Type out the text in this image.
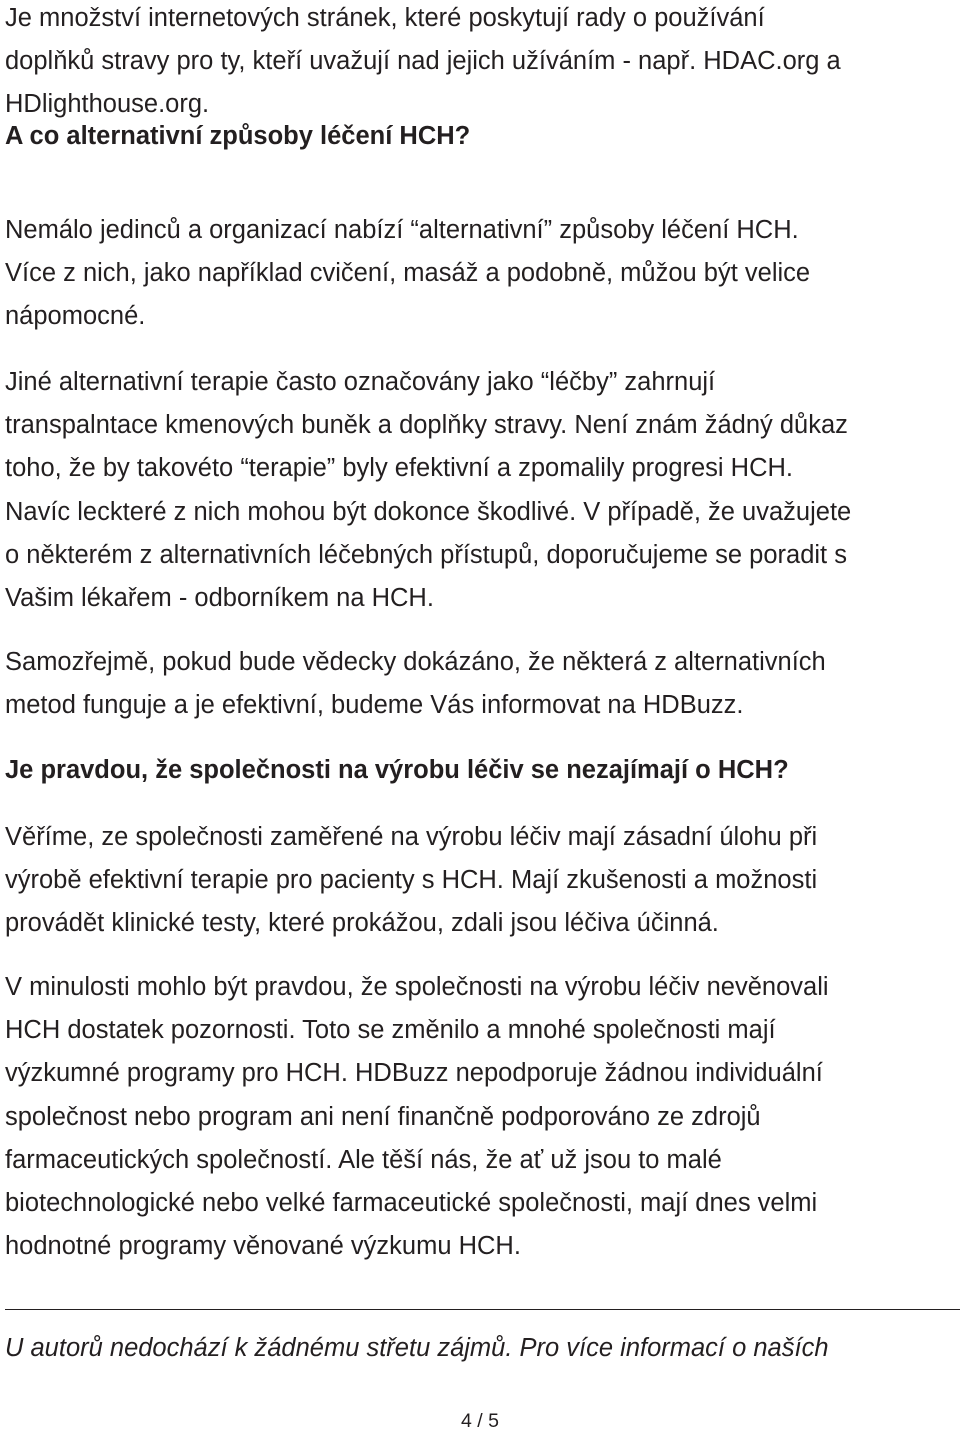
Je množství internetových stránek, které poskytují rady o používání
doplňků stravy pro ty, kteří uvažují nad jejich užíváním - např. HDAC.org a
HDlighthouse.org.

A co alternativní způsoby léčení HCH?

Nemálo jedinců a organizací nabízí “alternativní” způsoby léčení HCH.
Více z nich, jako například cvičení, masáž a podobně, můžou být velice
nápomocné.

Jiné alternativní terapie často označovány jako “léčby” zahrnují
transpalntace kmenových buněk a doplňky stravy. Není znám žádný důkaz
toho, že by takovéto “terapie” byly efektivní a zpomalily progresi HCH.
Navíc leckteré z nich mohou být dokonce škodlivé. V případě, že uvažujete
o některém z alternativních léčebných přístupů, doporučujeme se poradit s
Vašim lékařem - odborníkem na HCH.

Samozřejmě, pokud bude vědecky dokázáno, že některá z alternativních
metod funguje a je efektivní, budeme Vás informovat na HDBuzz.

Je pravdou, že společnosti na výrobu léčiv se nezajímají o HCH?

Věříme, ze společnosti zaměřené na výrobu léčiv mají zásadní úlohu při
výrobě efektivní terapie pro pacienty s HCH. Mají zkušenosti a možnosti
provádět klinické testy, které prokážou, zdali jsou léčiva účinná.

V minulosti mohlo být pravdou, že společnosti na výrobu léčiv nevěnovali
HCH dostatek pozornosti. Toto se změnilo a mnohé společnosti mají
výzkumné programy pro HCH. HDBuzz nepodporuje žádnou individuální
společnost nebo program ani není finančně podporováno ze zdrojů
farmaceutických společností. Ale těší nás, že ať už jsou to malé
biotechnologické nebo velké farmaceutické společnosti, mají dnes velmi
hodnotné programy věnované výzkumu HCH.

U autorů nedochází k žádnému střetu zájmů. Pro více informací o naších
4 / 5
